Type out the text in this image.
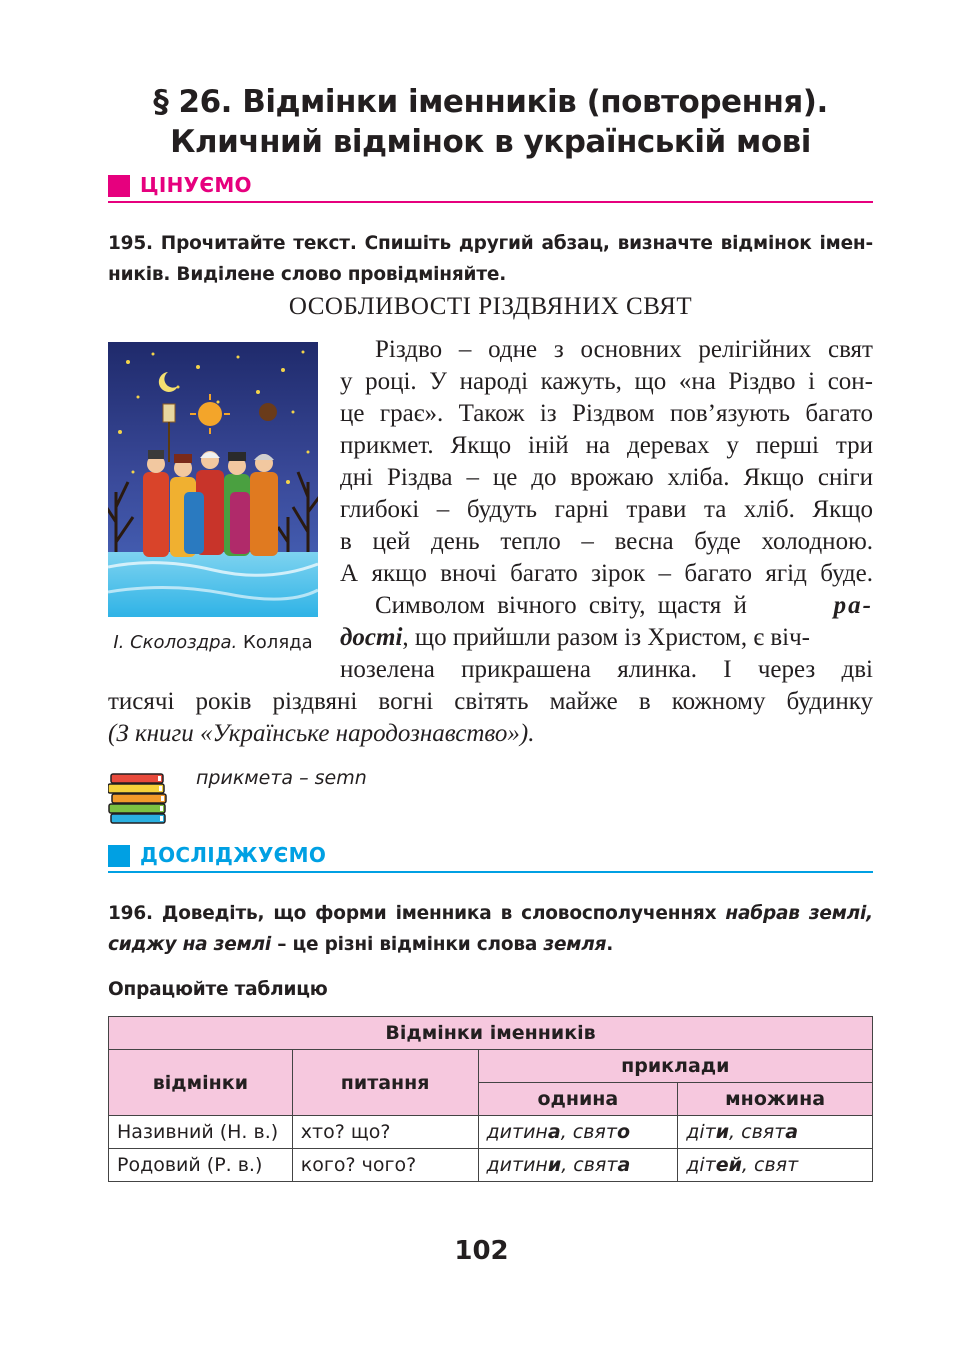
§ 26. Відмінки іменників (повторення).
Кличний відмінок в українській мові
ЦІНУЄМО
195. Прочитайте текст. Спишіть другий абзац, визначте відмінок імен-
ників. Виділене слово провідміняйте.
ОСОБЛИВОСТІ РІЗДВЯНИХ СВЯТ
І. Сколоздра. Коляда
Різдво – одне з основних релігійних свят
у році. У народі кажуть, що «на Різдво і сон-
це грає». Також із Різдвом пов’язують багато
прикмет. Якщо іній на деревах у перші три
дні Різдва – це до врожаю хліба. Якщо сніги
глибокі – будуть гарні трави та хліб. Якщо
в цей день тепло – весна буде холодною.
А якщо вночі багато зірок – багато ягід буде.
Символом вічного світу, щастя й	ра-
дості, що прийшли разом із Христом, є віч-
нозелена прикрашена ялинка. І через дві
тисячі років різдвяні вогні світять майже в кожному будинку
(З книги «Українське народознавство»).
прикмета – sеmn
ДОСЛІДЖУЄМО
196. Доведіть, що форми іменника в словосполученнях набрав землі,
сиджу на землі – це різні відмінки слова земля.
Опрацюйте таблицю
Відмінки іменників			
відмінки	питання	приклади	
		однина	множина
Називний (Н. в.)	хто? що?	дитина, свято	діти, свята
Родовий (Р. в.)	кого? чого?	дитини, свята	дітей, свят
102
